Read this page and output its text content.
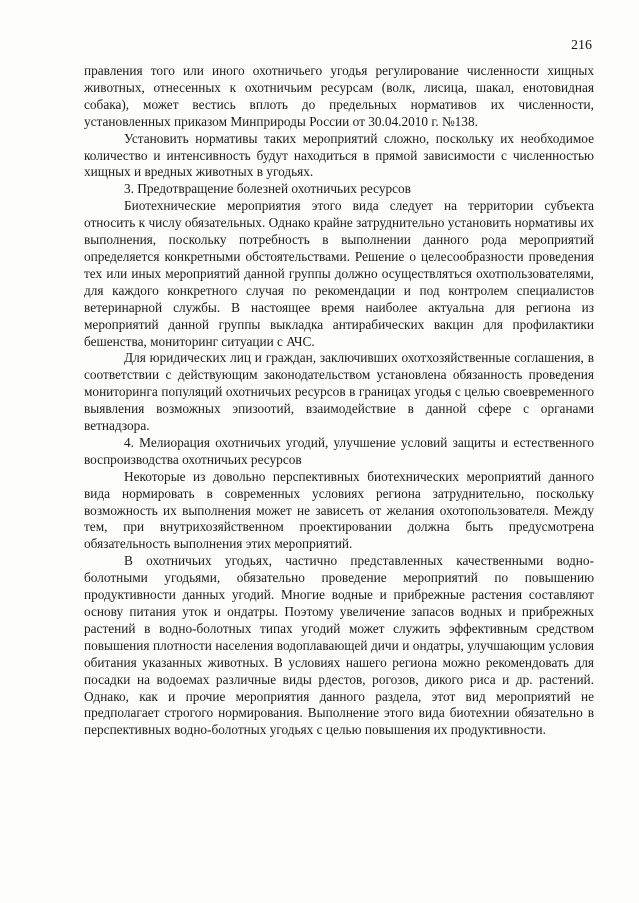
216

правления того или иного охотничьего угодья регулирование численности хищных животных, отнесенных к охотничьим ресурсам (волк, лисица, шакал, енотовидная собака), может вестись вплоть до предельных нормативов их численности, установленных приказом Минприроды России от 30.04.2010 г. №138.

Установить нормативы таких мероприятий сложно, поскольку их необходимое количество и интенсивность будут находиться в прямой зависимости с численностью хищных и вредных животных в угодьях.

3. Предотвращение болезней охотничьих ресурсов

Биотехнические мероприятия этого вида следует на территории субъекта относить к числу обязательных. Однако крайне затруднительно установить нормативы их выполнения, поскольку потребность в выполнении данного рода мероприятий определяется конкретными обстоятельствами. Решение о целесообразности проведения тех или иных мероприятий данной группы должно осуществляться охотпользователями, для каждого конкретного случая по рекомендации и под контролем специалистов ветеринарной службы. В настоящее время наиболее актуальна для региона из мероприятий данной группы выкладка антирабических вакцин для профилактики бешенства, мониторинг ситуации с АЧС.

Для юридических лиц и граждан, заключивших охотхозяйственные соглашения, в соответствии с действующим законодательством установлена обязанность проведения мониторинга популяций охотничьих ресурсов в границах угодья с целью своевременного выявления возможных эпизоотий, взаимодействие в данной сфере с органами ветнадзора.

4. Мелиорация охотничьих угодий, улучшение условий защиты и естественного воспроизводства охотничьих ресурсов

Некоторые из довольно перспективных биотехнических мероприятий данного вида нормировать в современных условиях региона затруднительно, поскольку возможность их выполнения может не зависеть от желания охотопользователя. Между тем, при внутрихозяйственном проектировании должна быть предусмотрена обязательность выполнения этих мероприятий.

В охотничьих угодьях, частично представленных качественными водно-болотными угодьями, обязательно проведение мероприятий по повышению продуктивности данных угодий. Многие водные и прибрежные растения составляют основу питания уток и ондатры. Поэтому увеличение запасов водных и прибрежных растений в водно-болотных типах угодий может служить эффективным средством повышения плотности населения водоплавающей дичи и ондатры, улучшающим условия обитания указанных животных. В условиях нашего региона можно рекомендовать для посадки на водоемах различные виды рдестов, рогозов, дикого риса и др. растений. Однако, как и прочие мероприятия данного раздела, этот вид мероприятий не предполагает строгого нормирования. Выполнение этого вида биотехнии обязательно в перспективных водно-болотных угодьях с целью повышения их продуктивности.
